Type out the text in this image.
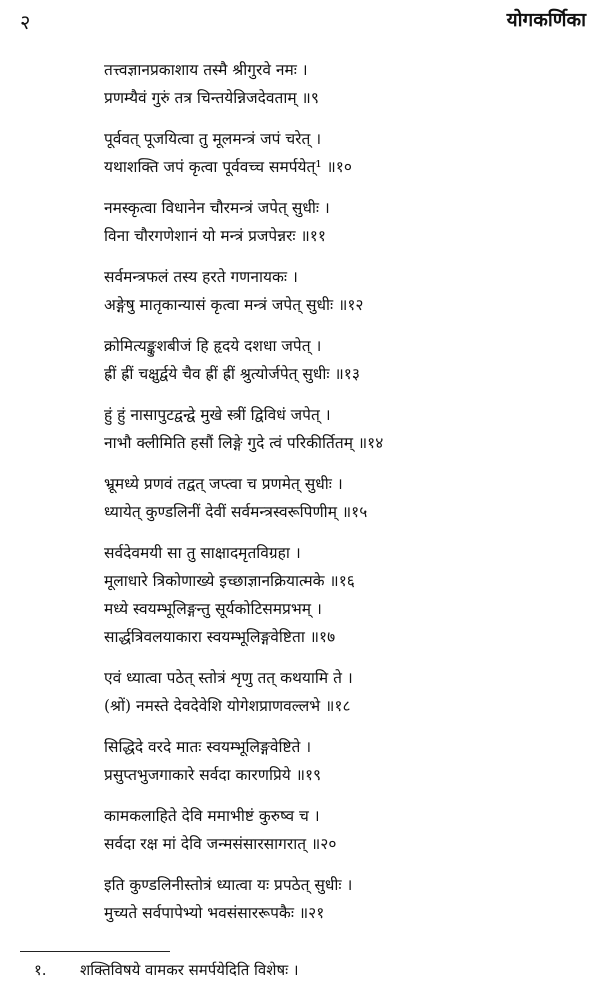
२	योगकर्णिका
तत्त्वज्ञानप्रकाशाय तस्मै श्रीगुरवे नमः ।
प्रणम्यैवं गुरुं तत्र चिन्तयेन्निजदेवताम् ॥९
पूर्ववत् पूजयित्वा तु मूलमन्त्रं जपं चरेत् ।
यथाशक्ति जपं कृत्वा पूर्ववच्च समर्पयेत्¹ ॥१०
नमस्कृत्वा विधानेन चौरमन्त्रं जपेत् सुधीः ।
विना चौरगणेशानं यो मन्त्रं प्रजपेन्नरः ॥११
सर्वमन्त्रफलं तस्य हरते गणनायकः ।
अङ्गेषु मातृकान्यासं कृत्वा मन्त्रं जपेत् सुधीः ॥१२
क्रोमित्यङ्कुशबीजं हि हृदये दशधा जपेत् ।
ह्रीं ह्रीं चक्षुर्द्वये चैव ह्रीं ह्रीं श्रुत्योर्जपेत् सुधीः ॥१३
हुं हुं नासापुटद्वन्द्वे मुखे स्त्रीं द्विविधं जपेत् ।
नाभौ क्लीमिति हसौं लिङ्गे गुदे त्वं परिकीर्तितम् ॥१४
भ्रूमध्ये प्रणवं तद्वत् जप्त्वा च प्रणमेत् सुधीः ।
ध्यायेत् कुण्डलिनीं देवीं सर्वमन्त्रस्वरूपिणीम् ॥१५
सर्वदेवमयी सा तु साक्षादमृतविग्रहा ।
मूलाधारे त्रिकोणाख्ये इच्छाज्ञानक्रियात्मके ॥१६
मध्ये स्वयम्भूलिङ्गन्तु सूर्यकोटिसमप्रभम् ।
सार्द्धत्रिवलयाकारा स्वयम्भूलिङ्गवेष्टिता ॥१७
एवं ध्यात्वा पठेत् स्तोत्रं शृणु तत् कथयामि ते ।
(श्रों) नमस्ते देवदेवेशि योगेशप्राणवल्लभे ॥१८
सिद्धिदे वरदे मातः स्वयम्भूलिङ्गवेष्टिते ।
प्रसुप्तभुजगाकारे सर्वदा कारणप्रिये ॥१९
कामकलाहिते देवि ममाभीष्टं कुरुष्व च ।
सर्वदा रक्ष मां देवि जन्मसंसारसागरात् ॥२०
इति कुण्डलिनीस्तोत्रं ध्यात्वा यः प्रपठेत् सुधीः ।
मुच्यते सर्वपापेभ्यो भवसंसाररूपकैः ॥२१
१. शक्तिविषये वामकर समर्पयेदिति विशेषः ।
